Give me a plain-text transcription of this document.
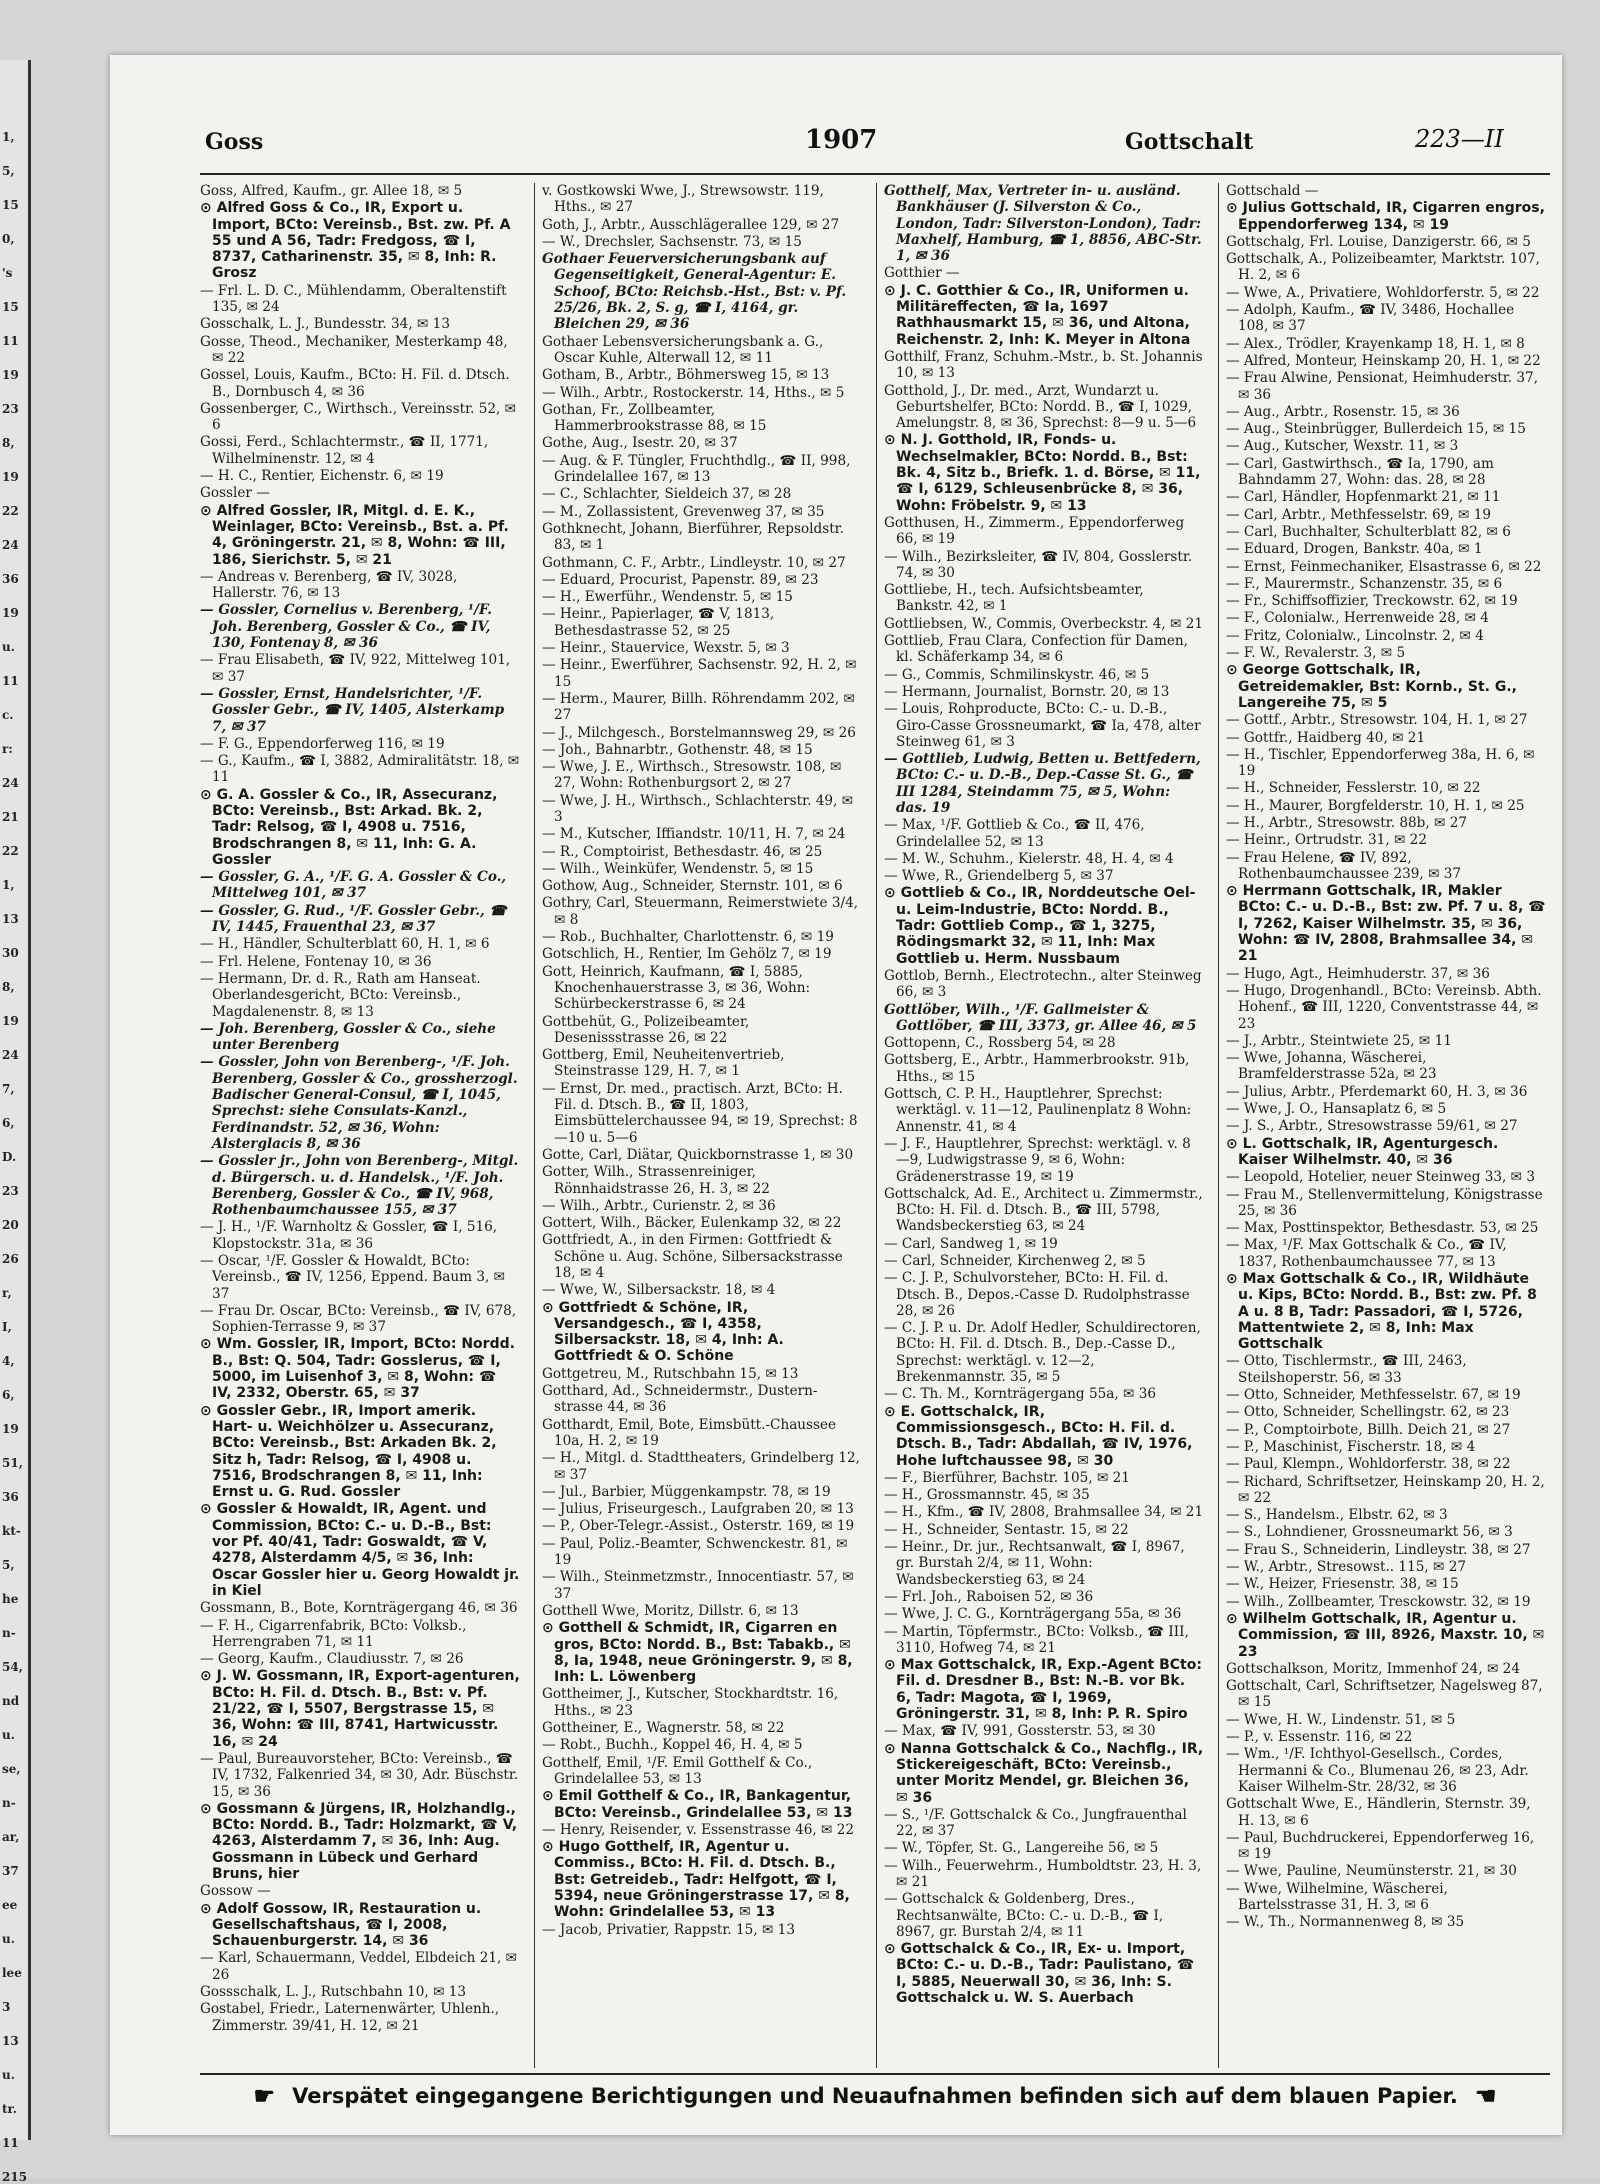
1,
5,
15
0,
's
15
11
19
23
8,
19
22
24
36
19
u.
11
c.
r:
24
21
22
1,
13
30
8,
19
24
7,
6,
D.
23
20
26
r,
I,
4,
6,
19
51,
36
kt-
5,
he
n-
54,
nd
u.
se,
n-
ar,
37
ee
u.
lee
3
13
u.
tr.
11
215
Goss	1907	Gottschalt	223—II
Goss, Alfred, Kaufm., gr. Allee 18, ✉ 5
⊙ Alfred Goss & Co., IR, Export u. Import, BCto: Vereinsb., Bst. zw. Pf. A 55 und A 56, Tadr: Fredgoss, ☎ I, 8737, Catharinenstr. 35, ✉ 8, Inh: R. Grosz
— Frl. L. D. C., Mühlendamm, Oberaltenstift 135, ✉ 24
Gosschalk, L. J., Bundesstr. 34, ✉ 13
Gosse, Theod., Mechaniker, Mesterkamp 48, ✉ 22
Gossel, Louis, Kaufm., BCto: H. Fil. d. Dtsch. B., Dornbusch 4, ✉ 36
Gossenberger, C., Wirthsch., Vereinsstr. 52, ✉ 6
Gossi, Ferd., Schlachtermstr., ☎ II, 1771, Wilhelminenstr. 12, ✉ 4
— H. C., Rentier, Eichenstr. 6, ✉ 19
Gossler —
⊙ Alfred Gossler, IR, Mitgl. d. E. K., Weinlager, BCto: Vereinsb., Bst. a. Pf. 4, Gröningerstr. 21, ✉ 8, Wohn: ☎ III, 186, Sierichstr. 5, ✉ 21
— Andreas v. Berenberg, ☎ IV, 3028, Hallerstr. 76, ✉ 13
— Gossler, Cornelius v. Berenberg, ¹/F. Joh. Berenberg, Gossler & Co., ☎ IV, 130, Fontenay 8, ✉ 36
— Frau Elisabeth, ☎ IV, 922, Mittelweg 101, ✉ 37
— Gossler, Ernst, Handelsrichter, ¹/F. Gossler Gebr., ☎ IV, 1405, Alsterkamp 7, ✉ 37
— F. G., Eppendorferweg 116, ✉ 19
— G., Kaufm., ☎ I, 3882, Admiralitätstr. 18, ✉ 11
⊙ G. A. Gossler & Co., IR, Assecuranz, BCto: Vereinsb., Bst: Arkad. Bk. 2, Tadr: Relsog, ☎ I, 4908 u. 7516, Brodschrangen 8, ✉ 11, Inh: G. A. Gossler
— Gossler, G. A., ¹/F. G. A. Gossler & Co., Mittelweg 101, ✉ 37
— Gossler, G. Rud., ¹/F. Gossler Gebr., ☎ IV, 1445, Frauenthal 23, ✉ 37
— H., Händler, Schulterblatt 60, H. 1, ✉ 6
— Frl. Helene, Fontenay 10, ✉ 36
— Hermann, Dr. d. R., Rath am Hanseat. Oberlandesgericht, BCto: Vereinsb., Magdalenenstr. 8, ✉ 13
— Joh. Berenberg, Gossler & Co., siehe unter Berenberg
— Gossler, John von Berenberg-, ¹/F. Joh. Berenberg, Gossler & Co., grossherzogl. Badischer General-Consul, ☎ I, 1045, Sprechst: siehe Consulats-Kanzl., Ferdinandstr. 52, ✉ 36, Wohn: Alsterglacis 8, ✉ 36
— Gossler jr., John von Berenberg-, Mitgl. d. Bürgersch. u. d. Handelsk., ¹/F. Joh. Berenberg, Gossler & Co., ☎ IV, 968, Rothenbaumchaussee 155, ✉ 37
— J. H., ¹/F. Warnholtz & Gossler, ☎ I, 516, Klopstockstr. 31a, ✉ 36
— Oscar, ¹/F. Gossler & Howaldt, BCto: Vereinsb., ☎ IV, 1256, Eppend. Baum 3, ✉ 37
— Frau Dr. Oscar, BCto: Vereinsb., ☎ IV, 678, Sophien-Terrasse 9, ✉ 37
⊙ Wm. Gossler, IR, Import, BCto: Nordd. B., Bst: Q. 504, Tadr: Gosslerus, ☎ I, 5000, im Luisenhof 3, ✉ 8, Wohn: ☎ IV, 2332, Oberstr. 65, ✉ 37
⊙ Gossler Gebr., IR, Import amerik. Hart- u. Weichhölzer u. Assecuranz, BCto: Vereinsb., Bst: Arkaden Bk. 2, Sitz h, Tadr: Relsog, ☎ I, 4908 u. 7516, Brodschrangen 8, ✉ 11, Inh: Ernst u. G. Rud. Gossler
⊙ Gossler & Howaldt, IR, Agent. und Commission, BCto: C.- u. D.-B., Bst: vor Pf. 40/41, Tadr: Goswaldt, ☎ V, 4278, Alsterdamm 4/5, ✉ 36, Inh: Oscar Gossler hier u. Georg Howaldt jr. in Kiel
Gossmann, B., Bote, Kornträgergang 46, ✉ 36
— F. H., Cigarrenfabrik, BCto: Volksb., Herrengraben 71, ✉ 11
— Georg, Kaufm., Claudiusstr. 7, ✉ 26
⊙ J. W. Gossmann, IR, Export-agenturen, BCto: H. Fil. d. Dtsch. B., Bst: v. Pf. 21/22, ☎ I, 5507, Bergstrasse 15, ✉ 36, Wohn: ☎ III, 8741, Hartwicusstr. 16, ✉ 24
— Paul, Bureauvorsteher, BCto: Vereinsb., ☎ IV, 1732, Falkenried 34, ✉ 30, Adr. Büschstr. 15, ✉ 36
⊙ Gossmann & Jürgens, IR, Holzhandlg., BCto: Nordd. B., Tadr: Holzmarkt, ☎ V, 4263, Alsterdamm 7, ✉ 36, Inh: Aug. Gossmann in Lübeck und Gerhard Bruns, hier
Gossow —
⊙ Adolf Gossow, IR, Restauration u. Gesellschaftshaus, ☎ I, 2008, Schauenburgerstr. 14, ✉ 36
— Karl, Schauermann, Veddel, Elbdeich 21, ✉ 26
Gossschalk, L. J., Rutschbahn 10, ✉ 13
Gostabel, Friedr., Laternenwärter, Uhlenh., Zimmerstr. 39/41, H. 12, ✉ 21
v. Gostkowski Wwe, J., Strewsowstr. 119, Hths., ✉ 27
Goth, J., Arbtr., Ausschlägerallee 129, ✉ 27
— W., Drechsler, Sachsenstr. 73, ✉ 15
Gothaer Feuerversicherungsbank auf Gegenseitigkeit, General-Agentur: E. Schoof, BCto: Reichsb.-Hst., Bst: v. Pf. 25/26, Bk. 2, S. g, ☎ I, 4164, gr. Bleichen 29, ✉ 36
Gothaer Lebensversicherungsbank a. G., Oscar Kuhle, Alterwall 12, ✉ 11
Gotham, B., Arbtr., Böhmersweg 15, ✉ 13
— Wilh., Arbtr., Rostockerstr. 14, Hths., ✉ 5
Gothan, Fr., Zollbeamter, Hammerbrookstrasse 88, ✉ 15
Gothe, Aug., Isestr. 20, ✉ 37
— Aug. & F. Tüngler, Fruchthdlg., ☎ II, 998, Grindelallee 167, ✉ 13
— C., Schlachter, Sieldeich 37, ✉ 28
— M., Zollassistent, Grevenweg 37, ✉ 35
Gothknecht, Johann, Bierführer, Repsoldstr. 83, ✉ 1
Gothmann, C. F., Arbtr., Lindleystr. 10, ✉ 27
— Eduard, Procurist, Papenstr. 89, ✉ 23
— H., Ewerführ., Wendenstr. 5, ✉ 15
— Heinr., Papierlager, ☎ V, 1813, Bethesdastrasse 52, ✉ 25
— Heinr., Stauervice, Wexstr. 5, ✉ 3
— Heinr., Ewerführer, Sachsenstr. 92, H. 2, ✉ 15
— Herm., Maurer, Billh. Röhrendamm 202, ✉ 27
— J., Milchgesch., Borstelmannsweg 29, ✉ 26
— Joh., Bahnarbtr., Gothenstr. 48, ✉ 15
— Wwe, J. E., Wirthsch., Stresowstr. 108, ✉ 27, Wohn: Rothenburgsort 2, ✉ 27
— Wwe, J. H., Wirthsch., Schlachterstr. 49, ✉ 3
— M., Kutscher, Iffiandstr. 10/11, H. 7, ✉ 24
— R., Comptoirist, Bethesdastr. 46, ✉ 25
— Wilh., Weinküfer, Wendenstr. 5, ✉ 15
Gothow, Aug., Schneider, Sternstr. 101, ✉ 6
Gothry, Carl, Steuermann, Reimerstwiete 3/4, ✉ 8
— Rob., Buchhalter, Charlottenstr. 6, ✉ 19
Gotschlich, H., Rentier, Im Gehölz 7, ✉ 19
Gott, Heinrich, Kaufmann, ☎ I, 5885, Knochenhauerstrasse 3, ✉ 36, Wohn: Schürbeckerstrasse 6, ✉ 24
Gottbehüt, G., Polizeibeamter, Desenissstrasse 26, ✉ 22
Gottberg, Emil, Neuheitenvertrieb, Steinstrasse 129, H. 7, ✉ 1
— Ernst, Dr. med., practisch. Arzt, BCto: H. Fil. d. Dtsch. B., ☎ II, 1803, Eimsbüttelerchaussee 94, ✉ 19, Sprechst: 8—10 u. 5—6
Gotte, Carl, Diätar, Quickbornstrasse 1, ✉ 30
Gotter, Wilh., Strassenreiniger, Rönnhaidstrasse 26, H. 3, ✉ 22
— Wilh., Arbtr., Curienstr. 2, ✉ 36
Gottert, Wilh., Bäcker, Eulenkamp 32, ✉ 22
Gottfriedt, A., in den Firmen: Gottfriedt & Schöne u. Aug. Schöne, Silbersackstrasse 18, ✉ 4
— Wwe, W., Silbersackstr. 18, ✉ 4
⊙ Gottfriedt & Schöne, IR, Versandgesch., ☎ I, 4358, Silbersackstr. 18, ✉ 4, Inh: A. Gottfriedt & O. Schöne
Gottgetreu, M., Rutschbahn 15, ✉ 13
Gotthard, Ad., Schneidermstr., Dustern-strasse 44, ✉ 36
Gotthardt, Emil, Bote, Eimsbütt.-Chaussee 10a, H. 2, ✉ 19
— H., Mitgl. d. Stadttheaters, Grindelberg 12, ✉ 37
— Jul., Barbier, Müggenkampstr. 78, ✉ 19
— Julius, Friseurgesch., Laufgraben 20, ✉ 13
— P., Ober-Telegr.-Assist., Osterstr. 169, ✉ 19
— Paul, Poliz.-Beamter, Schwenckestr. 81, ✉ 19
— Wilh., Steinmetzmstr., Innocentiastr. 57, ✉ 37
Gotthell Wwe, Moritz, Dillstr. 6, ✉ 13
⊙ Gotthell & Schmidt, IR, Cigarren en gros, BCto: Nordd. B., Bst: Tabakb., ✉ 8, Ia, 1948, neue Gröningerstr. 9, ✉ 8, Inh: L. Löwenberg
Gottheimer, J., Kutscher, Stockhardtstr. 16, Hths., ✉ 23
Gottheiner, E., Wagnerstr. 58, ✉ 22
— Robt., Buchh., Koppel 46, H. 4, ✉ 5
Gotthelf, Emil, ¹/F. Emil Gotthelf & Co., Grindelallee 53, ✉ 13
⊙ Emil Gotthelf & Co., IR, Bankagentur, BCto: Vereinsb., Grindelallee 53, ✉ 13
— Henry, Reisender, v. Essenstrasse 46, ✉ 22
⊙ Hugo Gotthelf, IR, Agentur u. Commiss., BCto: H. Fil. d. Dtsch. B., Bst: Getreideb., Tadr: Helfgott, ☎ I, 5394, neue Gröningerstrasse 17, ✉ 8, Wohn: Grindelallee 53, ✉ 13
— Jacob, Privatier, Rappstr. 15, ✉ 13
Gotthelf, Max, Vertreter in- u. ausländ. Bankhäuser (J. Silverston & Co., London, Tadr: Silverston-London), Tadr: Maxhelf, Hamburg, ☎ 1, 8856, ABC-Str. 1, ✉ 36
Gotthier —
⊙ J. C. Gotthier & Co., IR, Uniformen u. Militäreffecten, ☎ Ia, 1697 Rathhausmarkt 15, ✉ 36, und Altona, Reichenstr. 2, Inh: K. Meyer in Altona
Gotthilf, Franz, Schuhm.-Mstr., b. St. Johannis 10, ✉ 13
Gotthold, J., Dr. med., Arzt, Wundarzt u. Geburtshelfer, BCto: Nordd. B., ☎ I, 1029, Amelungstr. 8, ✉ 36, Sprechst: 8—9 u. 5—6
⊙ N. J. Gotthold, IR, Fonds- u. Wechselmakler, BCto: Nordd. B., Bst: Bk. 4, Sitz b., Briefk. 1. d. Börse, ✉ 11, ☎ I, 6129, Schleusenbrücke 8, ✉ 36, Wohn: Fröbelstr. 9, ✉ 13
Gotthusen, H., Zimmerm., Eppendorferweg 66, ✉ 19
— Wilh., Bezirksleiter, ☎ IV, 804, Gosslerstr. 74, ✉ 30
Gottliebe, H., tech. Aufsichtsbeamter, Bankstr. 42, ✉ 1
Gottliebsen, W., Commis, Overbeckstr. 4, ✉ 21
Gottlieb, Frau Clara, Confection für Damen, kl. Schäferkamp 34, ✉ 6
— G., Commis, Schmilinskystr. 46, ✉ 5
— Hermann, Journalist, Bornstr. 20, ✉ 13
— Louis, Rohproducte, BCto: C.- u. D.-B., Giro-Casse Grossneumarkt, ☎ Ia, 478, alter Steinweg 61, ✉ 3
— Gottlieb, Ludwig, Betten u. Bettfedern, BCto: C.- u. D.-B., Dep.-Casse St. G., ☎ III 1284, Steindamm 75, ✉ 5, Wohn: das. 19
— Max, ¹/F. Gottlieb & Co., ☎ II, 476, Grindelallee 52, ✉ 13
— M. W., Schuhm., Kielerstr. 48, H. 4, ✉ 4
— Wwe, R., Griendelberg 5, ✉ 37
⊙ Gottlieb & Co., IR, Norddeutsche Oel- u. Leim-Industrie, BCto: Nordd. B., Tadr: Gottlieb Comp., ☎ 1, 3275, Rödingsmarkt 32, ✉ 11, Inh: Max Gottlieb u. Herm. Nussbaum
Gottlob, Bernh., Electrotechn., alter Steinweg 66, ✉ 3
Gottlöber, Wilh., ¹/F. Gallmeister & Gottlöber, ☎ III, 3373, gr. Allee 46, ✉ 5
Gottopenn, C., Rossberg 54, ✉ 28
Gottsberg, E., Arbtr., Hammerbrookstr. 91b, Hths., ✉ 15
Gottsch, C. P. H., Hauptlehrer, Sprechst: werktägl. v. 11—12, Paulinenplatz 8 Wohn: Annenstr. 41, ✉ 4
— J. F., Hauptlehrer, Sprechst: werktägl. v. 8—9, Ludwigstrasse 9, ✉ 6, Wohn: Grädenerstrasse 19, ✉ 19
Gottschalck, Ad. E., Architect u. Zimmermstr., BCto: H. Fil. d. Dtsch. B., ☎ III, 5798, Wandsbeckerstieg 63, ✉ 24
— Carl, Sandweg 1, ✉ 19
— Carl, Schneider, Kirchenweg 2, ✉ 5
— C. J. P., Schulvorsteher, BCto: H. Fil. d. Dtsch. B., Depos.-Casse D. Rudolphstrasse 28, ✉ 26
— C. J. P. u. Dr. Adolf Hedler, Schuldirectoren, BCto: H. Fil. d. Dtsch. B., Dep.-Casse D., Sprechst: werktägl. v. 12—2, Brekenmannstr. 35, ✉ 5
— C. Th. M., Kornträgergang 55a, ✉ 36
⊙ E. Gottschalck, IR, Commissionsgesch., BCto: H. Fil. d. Dtsch. B., Tadr: Abdallah, ☎ IV, 1976, Hohe luftchaussee 98, ✉ 30
— F., Bierführer, Bachstr. 105, ✉ 21
— H., Grossmannstr. 45, ✉ 35
— H., Kfm., ☎ IV, 2808, Brahmsallee 34, ✉ 21
— H., Schneider, Sentastr. 15, ✉ 22
— Heinr., Dr. jur., Rechtsanwalt, ☎ I, 8967, gr. Burstah 2/4, ✉ 11, Wohn: Wandsbeckerstieg 63, ✉ 24
— Frl. Joh., Raboisen 52, ✉ 36
— Wwe, J. C. G., Kornträgergang 55a, ✉ 36
— Martin, Töpfermstr., BCto: Volksb., ☎ III, 3110, Hofweg 74, ✉ 21
⊙ Max Gottschalck, IR, Exp.-Agent BCto: Fil. d. Dresdner B., Bst: N.-B. vor Bk. 6, Tadr: Magota, ☎ I, 1969, Gröningerstr. 31, ✉ 8, Inh: P. R. Spiro
— Max, ☎ IV, 991, Gossterstr. 53, ✉ 30
⊙ Nanna Gottschalck & Co., Nachflg., IR, Stickereigeschäft, BCto: Vereinsb., unter Moritz Mendel, gr. Bleichen 36, ✉ 36
— S., ¹/F. Gottschalck & Co., Jungfrauenthal 22, ✉ 37
— W., Töpfer, St. G., Langereihe 56, ✉ 5
— Wilh., Feuerwehrm., Humboldtstr. 23, H. 3, ✉ 21
— Gottschalck & Goldenberg, Dres., Rechtsanwälte, BCto: C.- u. D.-B., ☎ I, 8967, gr. Burstah 2/4, ✉ 11
⊙ Gottschalck & Co., IR, Ex- u. Import, BCto: C.- u. D.-B., Tadr: Paulistano, ☎ I, 5885, Neuerwall 30, ✉ 36, Inh: S. Gottschalck u. W. S. Auerbach
Gottschald —
⊙ Julius Gottschald, IR, Cigarren engros, Eppendorferweg 134, ✉ 19
Gottschalg, Frl. Louise, Danzigerstr. 66, ✉ 5
Gottschalk, A., Polizeibeamter, Marktstr. 107, H. 2, ✉ 6
— Wwe, A., Privatiere, Wohldorferstr. 5, ✉ 22
— Adolph, Kaufm., ☎ IV, 3486, Hochallee 108, ✉ 37
— Alex., Trödler, Krayenkamp 18, H. 1, ✉ 8
— Alfred, Monteur, Heinskamp 20, H. 1, ✉ 22
— Frau Alwine, Pensionat, Heimhuderstr. 37, ✉ 36
— Aug., Arbtr., Rosenstr. 15, ✉ 36
— Aug., Steinbrügger, Bullerdeich 15, ✉ 15
— Aug., Kutscher, Wexstr. 11, ✉ 3
— Carl, Gastwirthsch., ☎ Ia, 1790, am Bahndamm 27, Wohn: das. 28, ✉ 28
— Carl, Händler, Hopfenmarkt 21, ✉ 11
— Carl, Arbtr., Methfesselstr. 69, ✉ 19
— Carl, Buchhalter, Schulterblatt 82, ✉ 6
— Eduard, Drogen, Bankstr. 40a, ✉ 1
— Ernst, Feinmechaniker, Elsastrasse 6, ✉ 22
— F., Maurermstr., Schanzenstr. 35, ✉ 6
— Fr., Schiffsoffizier, Treckowstr. 62, ✉ 19
— F., Colonialw., Herrenweide 28, ✉ 4
— Fritz, Colonialw., Lincolnstr. 2, ✉ 4
— F. W., Revalerstr. 3, ✉ 5
⊙ George Gottschalk, IR, Getreidemakler, Bst: Kornb., St. G., Langereihe 75, ✉ 5
— Gottf., Arbtr., Stresowstr. 104, H. 1, ✉ 27
— Gottfr., Haidberg 40, ✉ 21
— H., Tischler, Eppendorferweg 38a, H. 6, ✉ 19
— H., Schneider, Fesslerstr. 10, ✉ 22
— H., Maurer, Borgfelderstr. 10, H. 1, ✉ 25
— H., Arbtr., Stresowstr. 88b, ✉ 27
— Heinr., Ortrudstr. 31, ✉ 22
— Frau Helene, ☎ IV, 892, Rothenbaumchaussee 239, ✉ 37
⊙ Herrmann Gottschalk, IR, Makler BCto: C.- u. D.-B., Bst: zw. Pf. 7 u. 8, ☎ I, 7262, Kaiser Wilhelmstr. 35, ✉ 36, Wohn: ☎ IV, 2808, Brahmsallee 34, ✉ 21
— Hugo, Agt., Heimhuderstr. 37, ✉ 36
— Hugo, Drogenhandl., BCto: Vereinsb. Abth. Hohenf., ☎ III, 1220, Conventstrasse 44, ✉ 23
— J., Arbtr., Steintwiete 25, ✉ 11
— Wwe, Johanna, Wäscherei, Bramfelderstrasse 52a, ✉ 23
— Julius, Arbtr., Pferdemarkt 60, H. 3, ✉ 36
— Wwe, J. O., Hansaplatz 6, ✉ 5
— J. S., Arbtr., Stresowstrasse 59/61, ✉ 27
⊙ L. Gottschalk, IR, Agenturgesch. Kaiser Wilhelmstr. 40, ✉ 36
— Leopold, Hotelier, neuer Steinweg 33, ✉ 3
— Frau M., Stellenvermittelung, Königstrasse 25, ✉ 36
— Max, Posttinspektor, Bethesdastr. 53, ✉ 25
— Max, ¹/F. Max Gottschalk & Co., ☎ IV, 1837, Rothenbaumchaussee 77, ✉ 13
⊙ Max Gottschalk & Co., IR, Wildhäute u. Kips, BCto: Nordd. B., Bst: zw. Pf. 8 A u. 8 B, Tadr: Passadori, ☎ I, 5726, Mattentwiete 2, ✉ 8, Inh: Max Gottschalk
— Otto, Tischlermstr., ☎ III, 2463, Steilshoperstr. 56, ✉ 33
— Otto, Schneider, Methfesselstr. 67, ✉ 19
— Otto, Schneider, Schellingstr. 62, ✉ 23
— P., Comptoirbote, Billh. Deich 21, ✉ 27
— P., Maschinist, Fischerstr. 18, ✉ 4
— Paul, Klempn., Wohldorferstr. 38, ✉ 22
— Richard, Schriftsetzer, Heinskamp 20, H. 2, ✉ 22
— S., Handelsm., Elbstr. 62, ✉ 3
— S., Lohndiener, Grossneumarkt 56, ✉ 3
— Frau S., Schneiderin, Lindleystr. 38, ✉ 27
— W., Arbtr., Stresowst.. 115, ✉ 27
— W., Heizer, Friesenstr. 38, ✉ 15
— Wilh., Zollbeamter, Tresckowstr. 32, ✉ 19
⊙ Wilhelm Gottschalk, IR, Agentur u. Commission, ☎ III, 8926, Maxstr. 10, ✉ 23
Gottschalkson, Moritz, Immenhof 24, ✉ 24
Gottschalt, Carl, Schriftsetzer, Nagelsweg 87, ✉ 15
— Wwe, H. W., Lindenstr. 51, ✉ 5
— P., v. Essenstr. 116, ✉ 22
— Wm., ¹/F. Ichthyol-Gesellsch., Cordes, Hermanni & Co., Blumenau 26, ✉ 23, Adr. Kaiser Wilhelm-Str. 28/32, ✉ 36
Gottschalt Wwe, E., Händlerin, Sternstr. 39, H. 13, ✉ 6
— Paul, Buchdruckerei, Eppendorferweg 16, ✉ 19
— Wwe, Pauline, Neumünsterstr. 21, ✉ 30
— Wwe, Wilhelmine, Wäscherei, Bartelsstrasse 31, H. 3, ✉ 6
— W., Th., Normannenweg 8, ✉ 35
☛ Verspätet eingegangene Berichtigungen und Neuaufnahmen befinden sich auf dem blauen Papier. ☚
